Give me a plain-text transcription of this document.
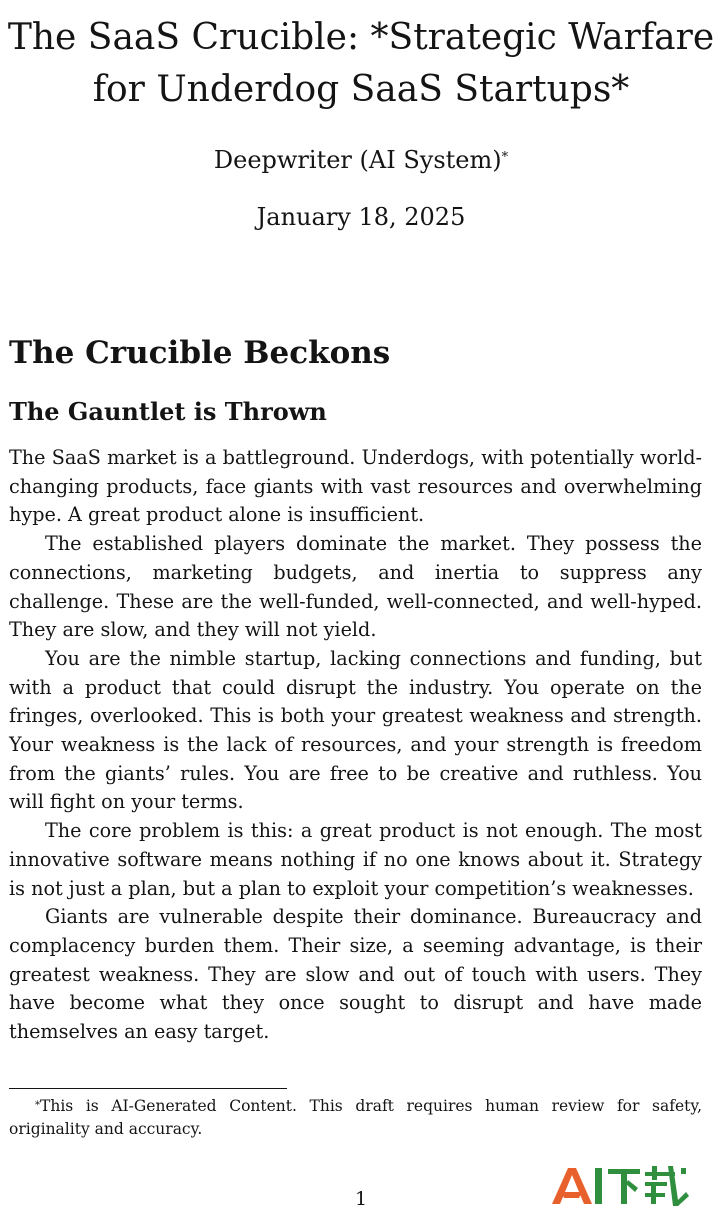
The SaaS Crucible: *Strategic Warfare
for Underdog SaaS Startups*

Deepwriter (AI System)*

January 18, 2025

The Crucible Beckons
The Gauntlet is Thrown

The SaaS market is a battleground. Underdogs, with potentially world-changing products, face giants with vast resources and overwhelming hype. A great product alone is insufficient.

The established players dominate the market. They possess the connections, marketing budgets, and inertia to suppress any challenge. These are the well-funded, well-connected, and well-hyped. They are slow, and they will not yield.

You are the nimble startup, lacking connections and funding, but with a product that could disrupt the industry. You operate on the fringes, overlooked. This is both your greatest weakness and strength. Your weakness is the lack of resources, and your strength is freedom from the giants’ rules. You are free to be creative and ruthless. You will fight on your terms.

The core problem is this: a great product is not enough. The most innovative software means nothing if no one knows about it. Strategy is not just a plan, but a plan to exploit your competition’s weaknesses.

Giants are vulnerable despite their dominance. Bureaucracy and complacency burden them. Their size, a seeming advantage, is their greatest weakness. They are slow and out of touch with users. They have become what they once sought to disrupt and have made themselves an easy target.

*This is AI-Generated Content. This draft requires human review for safety, originality and accuracy.

1
